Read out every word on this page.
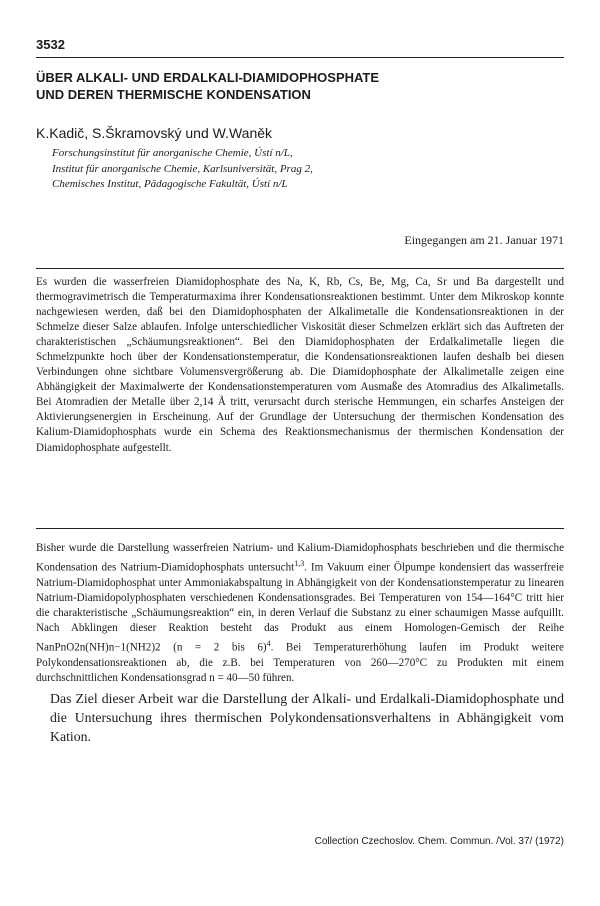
3532
ÜBER ALKALI- UND ERDALKALI-DIAMIDOPHOSPHATE
UND DEREN THERMISCHE KONDENSATION
K.Kadič, S.Škramovský und W.Waněk
Forschungsinstitut für anorganische Chemie, Ústí n/L,
Institut für anorganische Chemie, Karlsuniversität, Prag 2,
Chemisches Institut, Pädagogische Fakultät, Ústí n/L
Eingegangen am 21. Januar 1971

Es wurden die wasserfreien Diamidophosphate des Na, K, Rb, Cs, Be, Mg, Ca, Sr und Ba dargestellt und thermogravimetrisch die Temperaturmaxima ihrer Kondensationsreaktionen bestimmt. Unter dem Mikroskop konnte nachgewiesen werden, daß bei den Diamidophosphaten der Alkalimetalle die Kondensationsreaktionen in der Schmelze dieser Salze ablaufen. Infolge unterschiedlicher Viskosität dieser Schmelzen erklärt sich das Auftreten der charakteristischen „Schäumungsreaktionen“. Bei den Diamidophosphaten der Erdalkalimetalle liegen die Schmelzpunkte hoch über der Kondensationstemperatur, die Kondensationsreaktionen laufen deshalb bei diesen Verbindungen ohne sichtbare Volumensvergrößerung ab. Die Diamidophosphate der Alkalimetalle zeigen eine Abhängigkeit der Maximalwerte der Kondensationstemperaturen vom Ausmaße des Atomradius des Alkalimetalls. Bei Atomradien der Metalle über 2,14 Å tritt, verursacht durch sterische Hemmungen, ein scharfes Ansteigen der Aktivierungsenergien in Erscheinung. Auf der Grundlage der Untersuchung der thermischen Kondensation des Kalium-Diamidophosphats wurde ein Schema des Reaktionsmechanismus der thermischen Kondensation der Diamidophosphate aufgestellt.

Bisher wurde die Darstellung wasserfreien Natrium- und Kalium-Diamidophosphats beschrieben und die thermische Kondensation des Natrium-Diamidophosphats untersucht$^{1,3}$. Im Vakuum einer Ölpumpe kondensiert das wasserfreie Natrium-Diamidophosphat unter Ammoniakabspaltung in Abhängigkeit von der Kondensationstemperatur zu linearen Natrium-Diamidopolyphosphaten verschiedenen Kondensationsgrades. Bei Temperaturen von 154—164°C tritt hier die charakteristische „Schäumungsreaktion“ ein, in deren Verlauf die Substanz zu einer schaumigen Masse aufquillt. Nach Abklingen dieser Reaktion besteht das Produkt aus einem Homologen-Gemisch der Reihe NanPnO2n(NH)n−1(NH2)2 (n = 2 bis 6)$^4$. Bei Temperaturerhöhung laufen im Produkt weitere Polykondensationsreaktionen ab, die z.B. bei Temperaturen von 260—270°C zu Produkten mit einem durchschnittlichen Kondensationsgrad n = 40—50 führen.

Das Ziel dieser Arbeit war die Darstellung der Alkali- und Erdalkali-Diamidophosphate und die Untersuchung ihres thermischen Polykondensationsverhaltens in Abhängigkeit vom Kation.

Collection Czechoslov. Chem. Commun. /Vol. 37/ (1972)
